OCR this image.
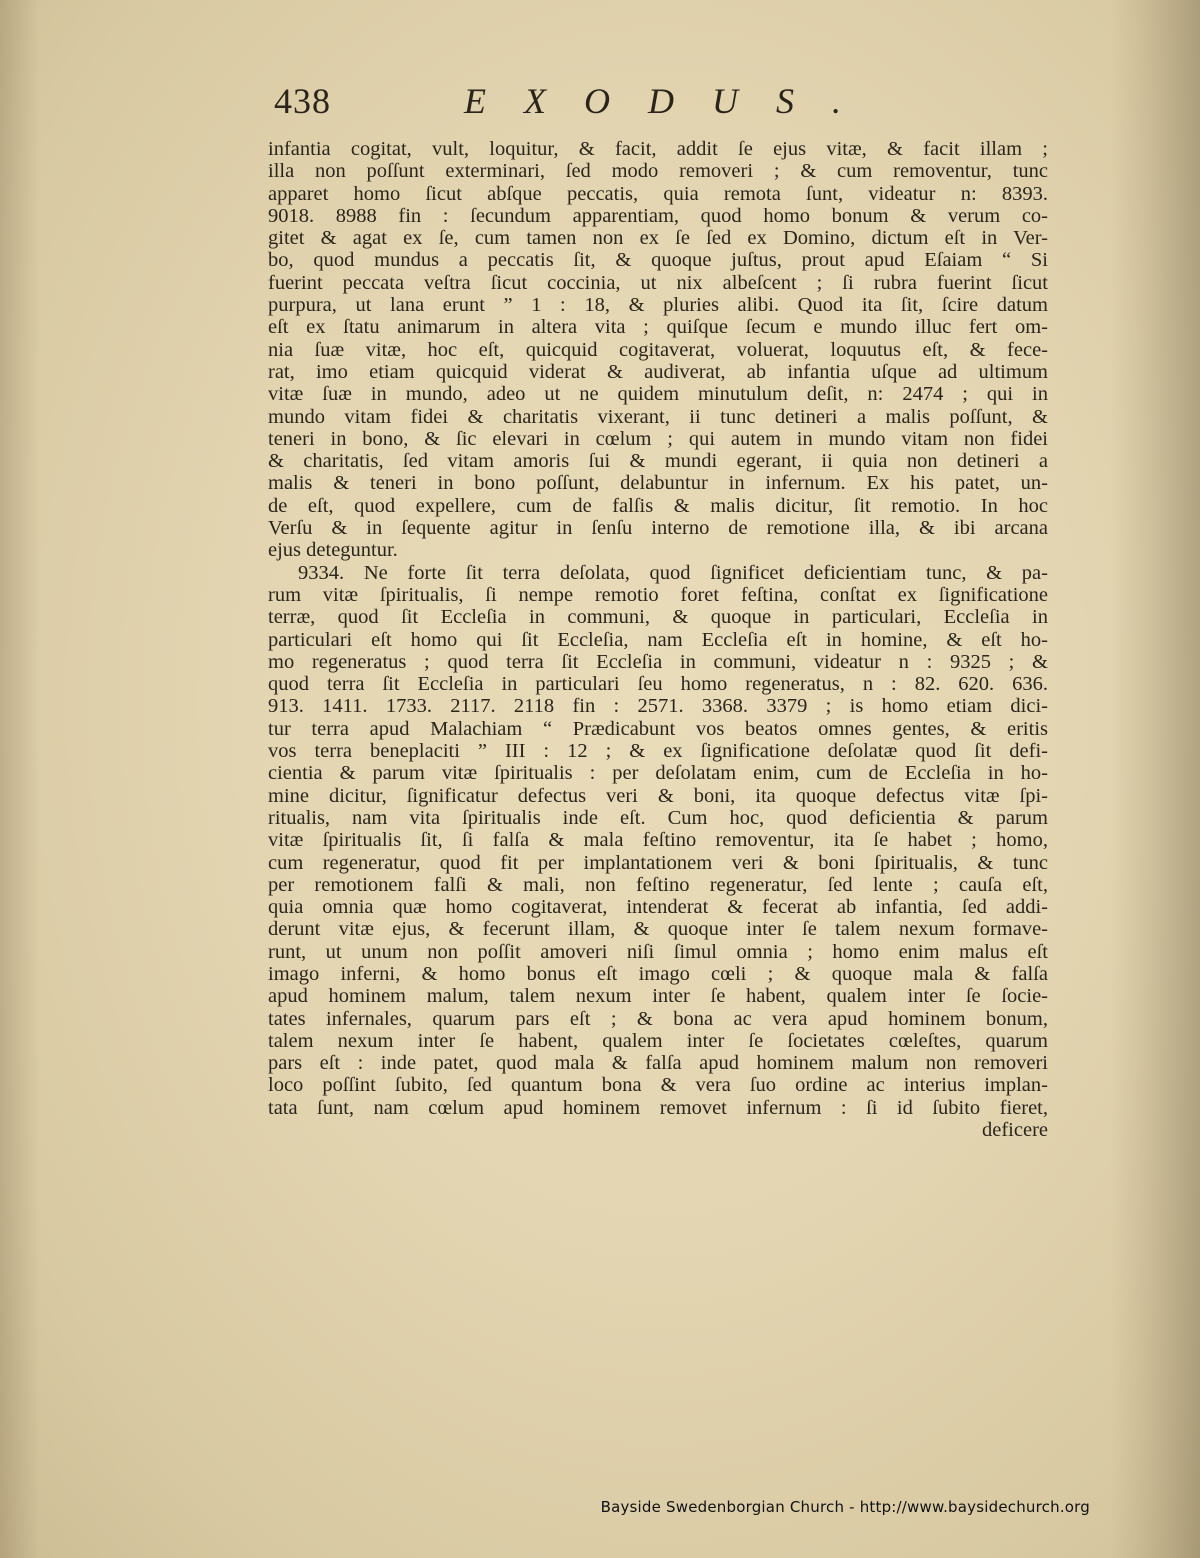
438	EXODUS.
infantia cogitat, vult, loquitur, & facit, addit ſe ejus vitæ, & facit illam ;
illa non poſſunt exterminari, ſed modo removeri ; & cum removentur, tunc
apparet homo ſicut abſque peccatis, quia remota ſunt, videatur n: 8393.
9018. 8988 fin : ſecundum apparentiam, quod homo bonum & verum co-
gitet & agat ex ſe, cum tamen non ex ſe ſed ex Domino, dictum eſt in Ver-
bo, quod mundus a peccatis ſit, & quoque juſtus, prout apud Eſaiam “ Si
fuerint peccata veſtra ſicut coccinia, ut nix albeſcent ; ſi rubra fuerint ſicut
purpura, ut lana erunt ” 1 : 18, & pluries alibi. Quod ita ſit, ſcire datum
eſt ex ſtatu animarum in altera vita ; quiſque ſecum e mundo illuc fert om-
nia ſuæ vitæ, hoc eſt, quicquid cogitaverat, voluerat, loquutus eſt, & fece-
rat, imo etiam quicquid viderat & audiverat, ab infantia uſque ad ultimum
vitæ ſuæ in mundo, adeo ut ne quidem minutulum deſit, n: 2474 ; qui in
mundo vitam fidei & charitatis vixerant, ii tunc detineri a malis poſſunt, &
teneri in bono, & ſic elevari in cœlum ; qui autem in mundo vitam non fidei
& charitatis, ſed vitam amoris ſui & mundi egerant, ii quia non detineri a
malis & teneri in bono poſſunt, delabuntur in infernum. Ex his patet, un-
de eſt, quod expellere, cum de falſis & malis dicitur, ſit remotio. In hoc
Verſu & in ſequente agitur in ſenſu interno de remotione illa, & ibi arcana
ejus deteguntur.
9334. Ne forte ſit terra deſolata, quod ſignificet deficientiam tunc, & pa-
rum vitæ ſpiritualis, ſi nempe remotio foret feſtina, conſtat ex ſignificatione
terræ, quod ſit Eccleſia in communi, & quoque in particulari, Eccleſia in
particulari eſt homo qui ſit Eccleſia, nam Eccleſia eſt in homine, & eſt ho-
mo regeneratus ; quod terra ſit Eccleſia in communi, videatur n : 9325 ; &
quod terra ſit Eccleſia in particulari ſeu homo regeneratus, n : 82. 620. 636.
913. 1411. 1733. 2117. 2118 fin : 2571. 3368. 3379 ; is homo etiam dici-
tur terra apud Malachiam “ Prædicabunt vos beatos omnes gentes, & eritis
vos terra beneplaciti ” III : 12 ; & ex ſignificatione deſolatæ quod ſit defi-
cientia & parum vitæ ſpiritualis : per deſolatam enim, cum de Eccleſia in ho-
mine dicitur, ſignificatur defectus veri & boni, ita quoque defectus vitæ ſpi-
ritualis, nam vita ſpiritualis inde eſt. Cum hoc, quod deficientia & parum
vitæ ſpiritualis ſit, ſi falſa & mala feſtino removentur, ita ſe habet ; homo,
cum regeneratur, quod fit per implantationem veri & boni ſpiritualis, & tunc
per remotionem falſi & mali, non feſtino regeneratur, ſed lente ; cauſa eſt,
quia omnia quæ homo cogitaverat, intenderat & fecerat ab infantia, ſed addi-
derunt vitæ ejus, & fecerunt illam, & quoque inter ſe talem nexum formave-
runt, ut unum non poſſit amoveri niſi ſimul omnia ; homo enim malus eſt
imago inferni, & homo bonus eſt imago cœli ; & quoque mala & falſa
apud hominem malum, talem nexum inter ſe habent, qualem inter ſe ſocie-
tates infernales, quarum pars eſt ; & bona ac vera apud hominem bonum,
talem nexum inter ſe habent, qualem inter ſe ſocietates cœleſtes, quarum
pars eſt : inde patet, quod mala & falſa apud hominem malum non removeri
loco poſſint ſubito, ſed quantum bona & vera ſuo ordine ac interius implan-
tata ſunt, nam cœlum apud hominem removet infernum : ſi id ſubito fieret,
deficere

Bayside Swedenborgian Church - http://www.baysidechurch.org
